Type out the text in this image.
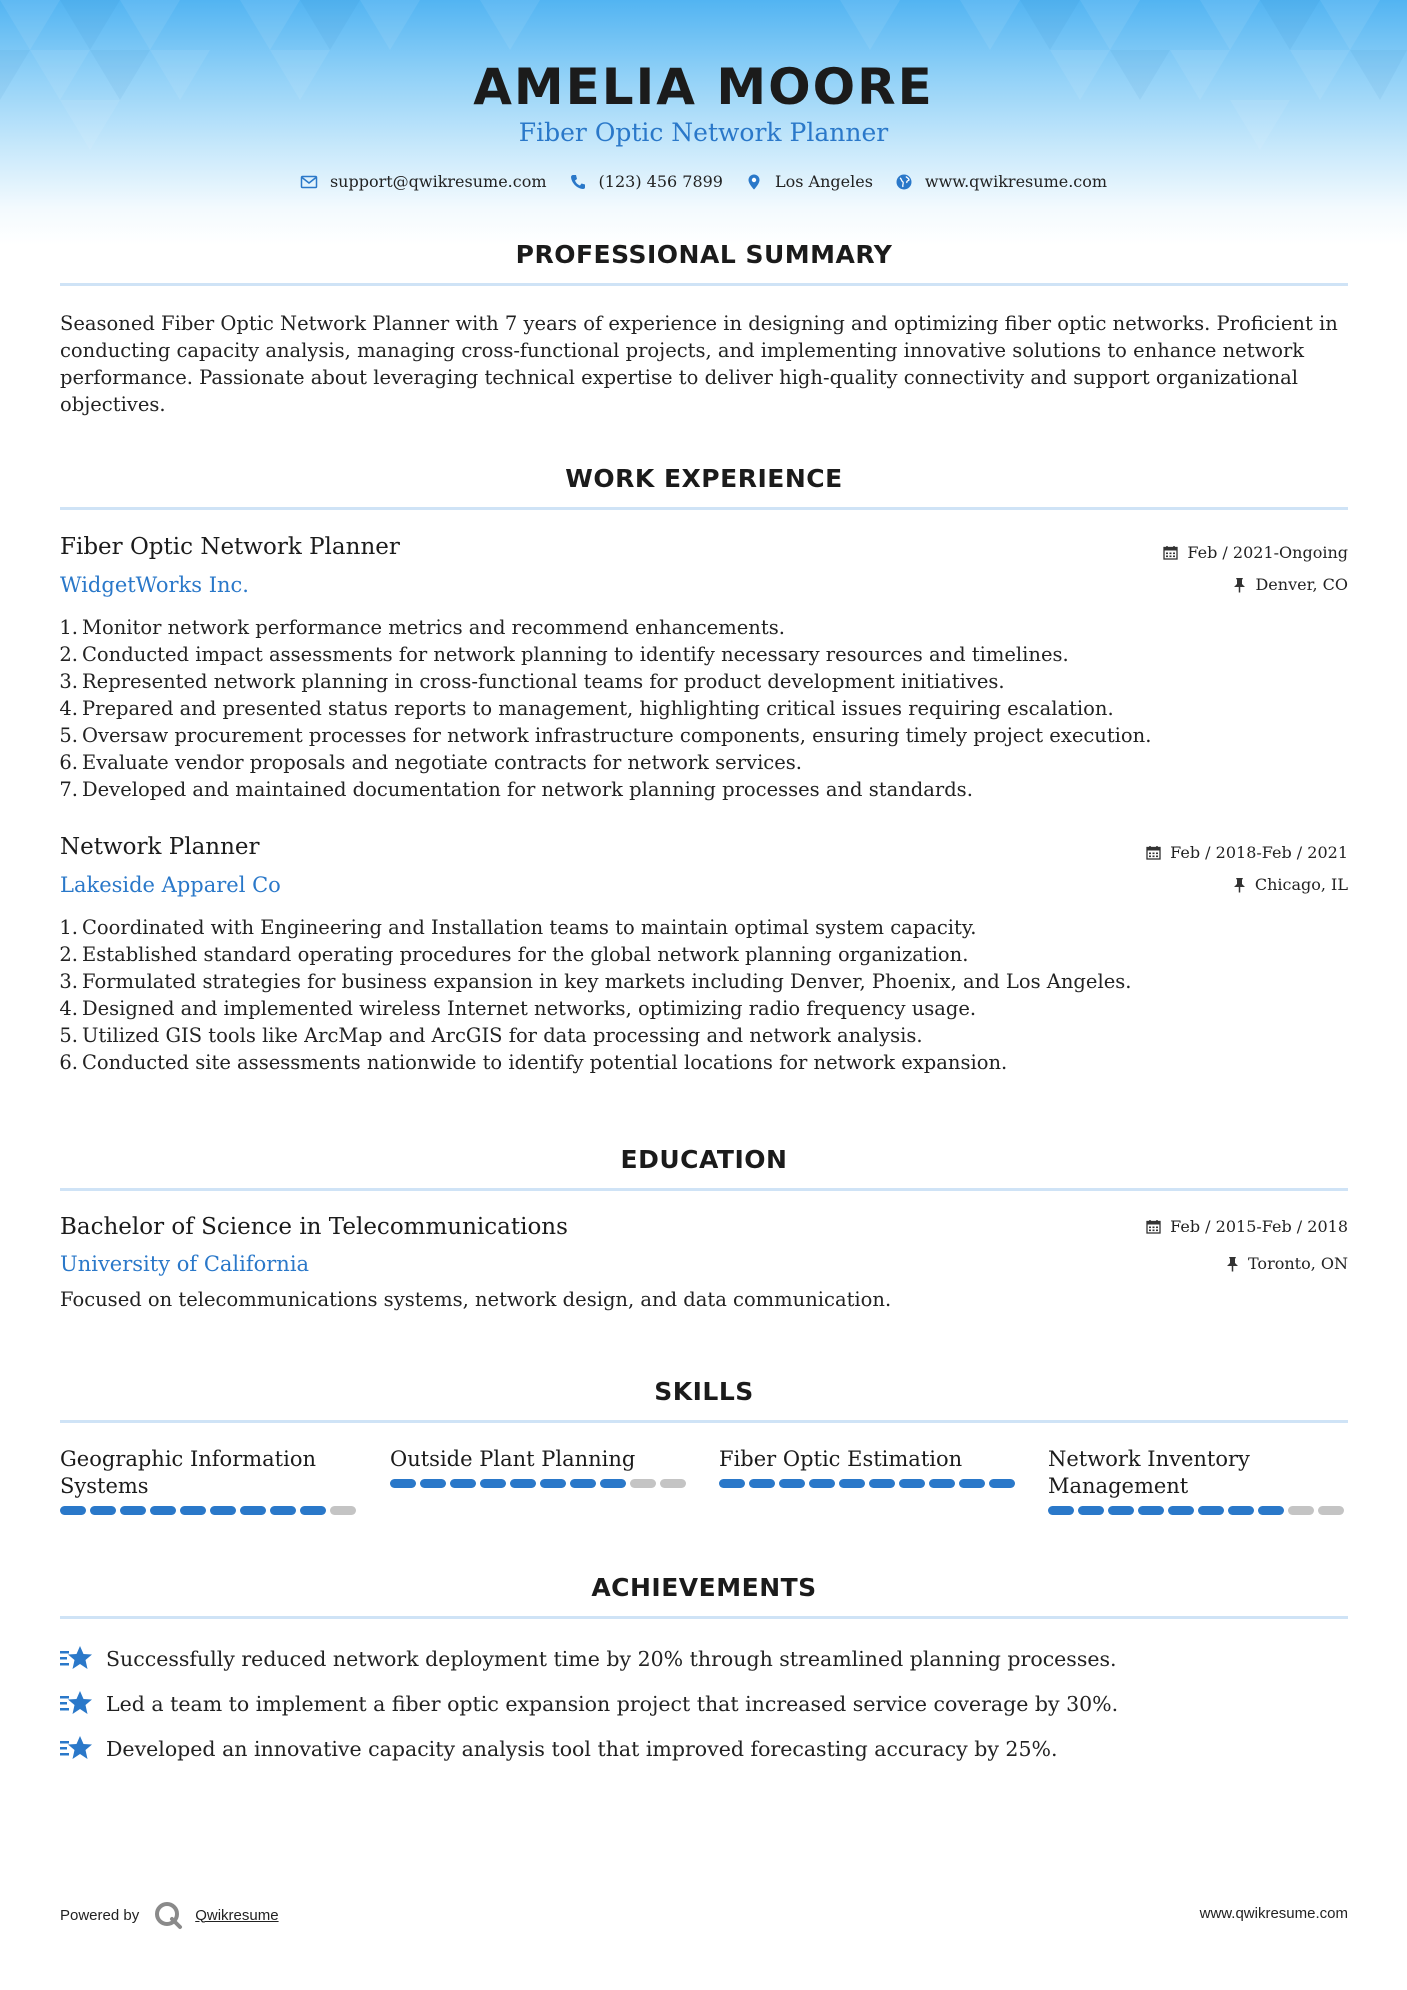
AMELIA MOORE
Fiber Optic Network Planner
support@qwikresume.com	(123) 456 7899	Los Angeles	www.qwikresume.com
PROFESSIONAL SUMMARY
Seasoned Fiber Optic Network Planner with 7 years of experience in designing and optimizing fiber optic networks. Proficient in conducting capacity analysis, managing cross-functional projects, and implementing innovative solutions to enhance network performance. Passionate about leveraging technical expertise to deliver high-quality connectivity and support organizational objectives.
WORK EXPERIENCE
Fiber Optic Network Planner
WidgetWorks Inc.
Feb / 2021-Ongoing
Denver, CO
1. Monitor network performance metrics and recommend enhancements.
2. Conducted impact assessments for network planning to identify necessary resources and timelines.
3. Represented network planning in cross-functional teams for product development initiatives.
4. Prepared and presented status reports to management, highlighting critical issues requiring escalation.
5. Oversaw procurement processes for network infrastructure components, ensuring timely project execution.
6. Evaluate vendor proposals and negotiate contracts for network services.
7. Developed and maintained documentation for network planning processes and standards.
Network Planner
Lakeside Apparel Co
Feb / 2018-Feb / 2021
Chicago, IL
1. Coordinated with Engineering and Installation teams to maintain optimal system capacity.
2. Established standard operating procedures for the global network planning organization.
3. Formulated strategies for business expansion in key markets including Denver, Phoenix, and Los Angeles.
4. Designed and implemented wireless Internet networks, optimizing radio frequency usage.
5. Utilized GIS tools like ArcMap and ArcGIS for data processing and network analysis.
6. Conducted site assessments nationwide to identify potential locations for network expansion.
EDUCATION
Bachelor of Science in Telecommunications
University of California
Feb / 2015-Feb / 2018
Toronto, ON
Focused on telecommunications systems, network design, and data communication.
SKILLS
Geographic Information Systems
Outside Plant Planning	Fiber Optic Estimation	Network Inventory Management
ACHIEVEMENTS
Successfully reduced network deployment time by 20% through streamlined planning processes.
Led a team to implement a fiber optic expansion project that increased service coverage by 30%.
Developed an innovative capacity analysis tool that improved forecasting accuracy by 25%.
Powered by	Qwikresume	www.qwikresume.com
